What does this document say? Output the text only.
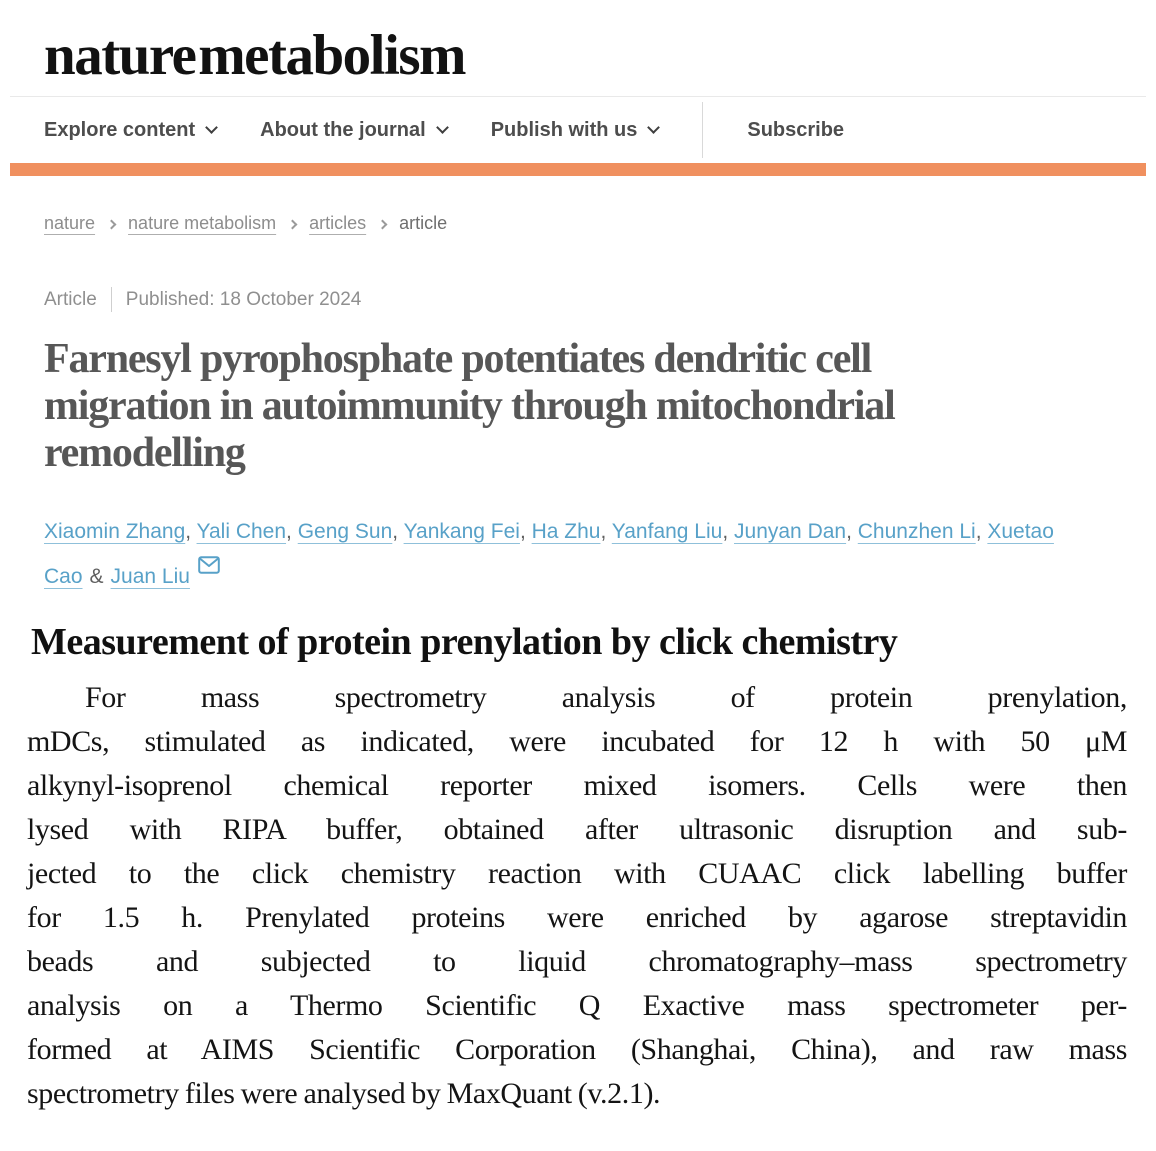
nature metabolism
Explore content	About the journal	Publish with us	Subscribe
nature nature metabolism articles article
Article Published: 18 October 2024
Farnesyl pyrophosphate potentiates dendritic cell
migration in autoimmunity through mitochondrial
remodelling
Xiaomin Zhang, Yali Chen, Geng Sun, Yankang Fei, Ha Zhu, Yanfang Liu, Junyan Dan, Chunzhen Li, Xuetao Cao & Juan Liu
Measurement of protein prenylation by click chemistry
For mass spectrometry analysis of protein prenylation,
mDCs, stimulated as indicated, were incubated for 12 h with 50 μM
alkynyl-isoprenol chemical reporter mixed isomers. Cells were then
lysed with RIPA buffer, obtained after ultrasonic disruption and sub-
jected to the click chemistry reaction with CUAAC click labelling buffer
for 1.5 h. Prenylated proteins were enriched by agarose streptavidin
beads and subjected to liquid chromatography–mass spectrometry
analysis on a Thermo Scientific Q Exactive mass spectrometer per-
formed at AIMS Scientific Corporation (Shanghai, China), and raw mass
spectrometry files were analysed by MaxQuant (v.2.1).
